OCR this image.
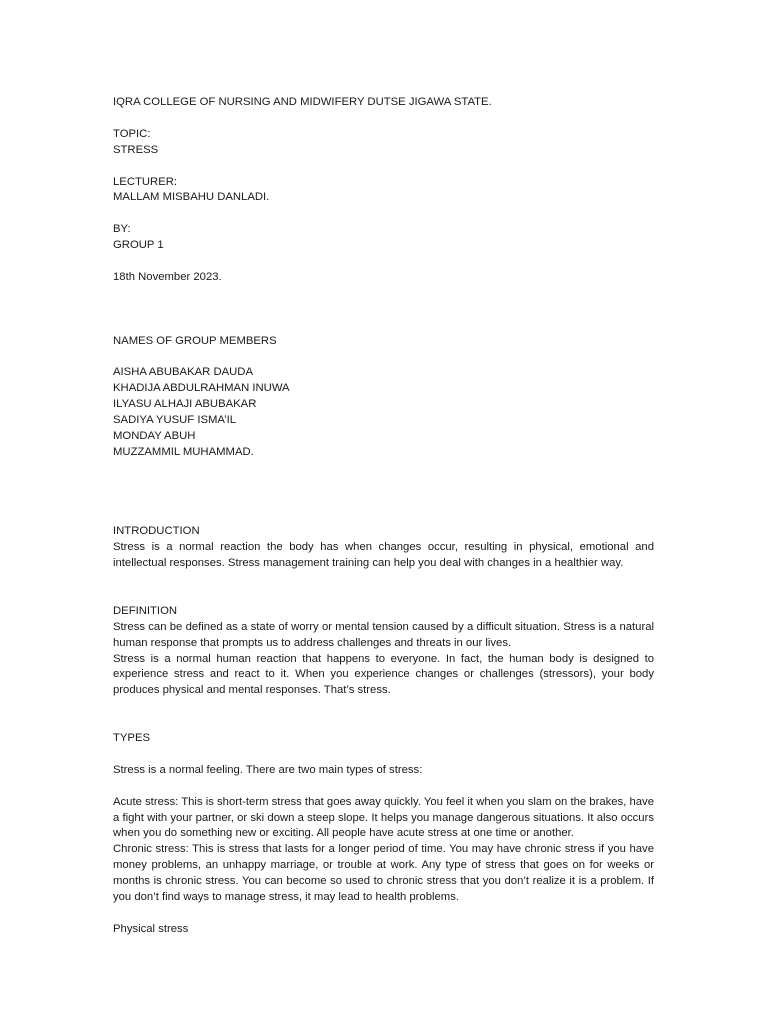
IQRA COLLEGE OF NURSING AND MIDWIFERY DUTSE JIGAWA STATE.

TOPIC:

STRESS

LECTURER:

MALLAM MISBAHU DANLADI.

BY:

GROUP 1

18th November 2023.

NAMES OF GROUP MEMBERS

AISHA ABUBAKAR DAUDA

KHADIJA ABDULRAHMAN INUWA

ILYASU ALHAJI ABUBAKAR

SADIYA YUSUF ISMA’IL

MONDAY ABUH

MUZZAMMIL MUHAMMAD.

INTRODUCTION

Stress is a normal reaction the body has when changes occur, resulting in physical, emotional and intellectual responses. Stress management training can help you deal with changes in a healthier way.

DEFINITION

Stress can be defined as a state of worry or mental tension caused by a difficult situation. Stress is a natural human response that prompts us to address challenges and threats in our lives.

Stress is a normal human reaction that happens to everyone. In fact, the human body is designed to experience stress and react to it. When you experience changes or challenges (stressors), your body produces physical and mental responses. That’s stress.

TYPES

Stress is a normal feeling. There are two main types of stress:

Acute stress: This is short-term stress that goes away quickly. You feel it when you slam on the brakes, have a fight with your partner, or ski down a steep slope. It helps you manage dangerous situations. It also occurs when you do something new or exciting. All people have acute stress at one time or another.

Chronic stress: This is stress that lasts for a longer period of time. You may have chronic stress if you have money problems, an unhappy marriage, or trouble at work. Any type of stress that goes on for weeks or months is chronic stress. You can become so used to chronic stress that you don’t realize it is a problem. If you don’t find ways to manage stress, it may lead to health problems.

Physical stress
